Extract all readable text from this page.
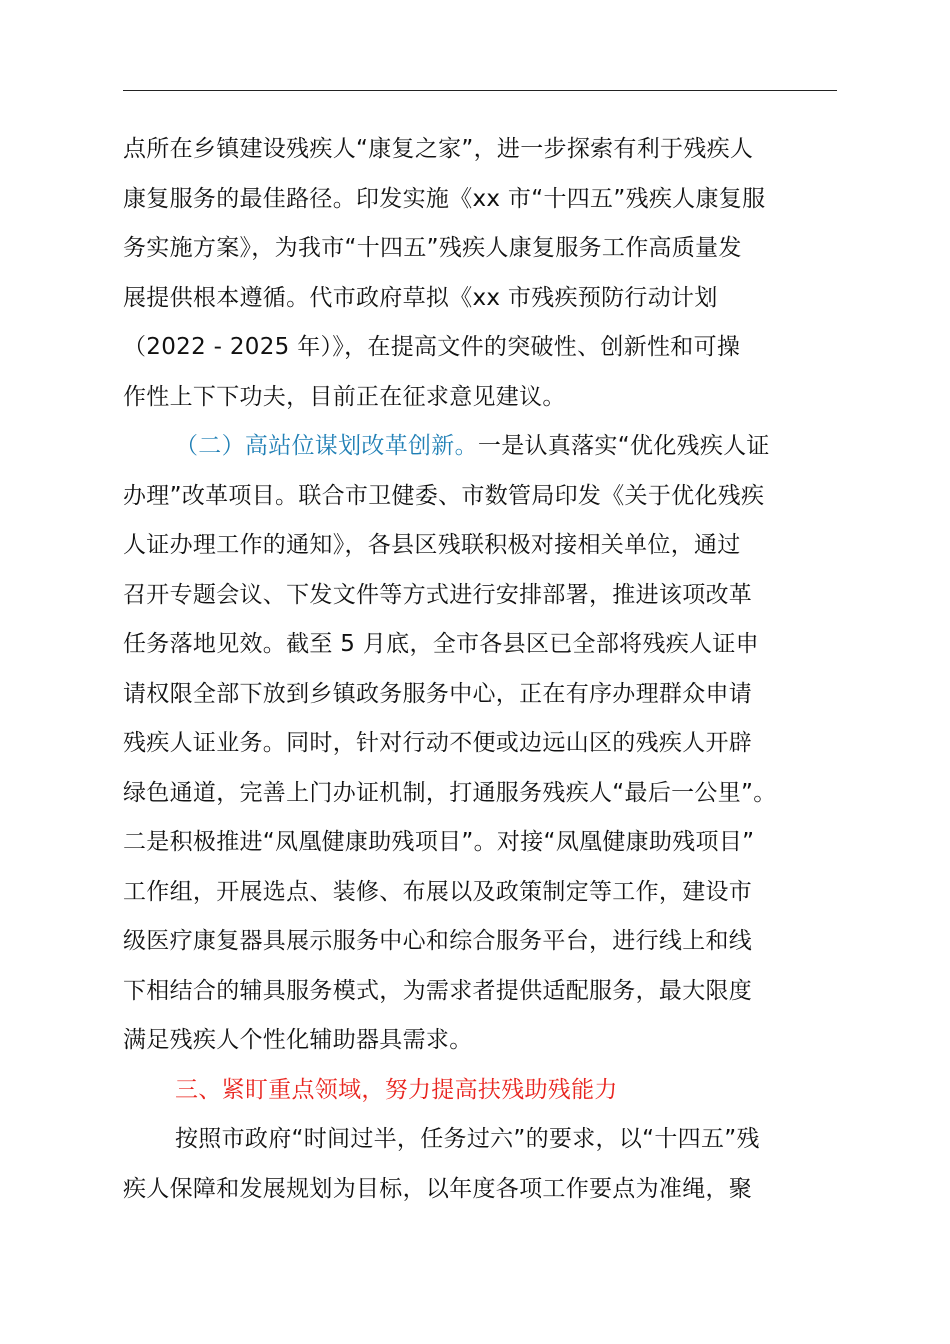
点所在乡镇建设残疾人“康复之家”，进一步探索有利于残疾人
康复服务的最佳路径。印发实施《xx 市“十四五”残疾人康复服
务实施方案》，为我市“十四五”残疾人康复服务工作高质量发
展提供根本遵循。代市政府草拟《xx 市残疾预防行动计划
（2022 - 2025 年）》，在提高文件的突破性、创新性和可操
作性上下下功夫，目前正在征求意见建议。
（二）高站位谋划改革创新。一是认真落实“优化残疾人证
办理”改革项目。联合市卫健委、市数管局印发《关于优化残疾
人证办理工作的通知》，各县区残联积极对接相关单位，通过
召开专题会议、下发文件等方式进行安排部署，推进该项改革
任务落地见效。截至 5 月底，全市各县区已全部将残疾人证申
请权限全部下放到乡镇政务服务中心，正在有序办理群众申请
残疾人证业务。同时，针对行动不便或边远山区的残疾人开辟
绿色通道，完善上门办证机制，打通服务残疾人“最后一公里”。
二是积极推进“凤凰健康助残项目”。对接“凤凰健康助残项目”
工作组，开展选点、装修、布展以及政策制定等工作，建设市
级医疗康复器具展示服务中心和综合服务平台，进行线上和线
下相结合的辅具服务模式，为需求者提供适配服务，最大限度
满足残疾人个性化辅助器具需求。
三、紧盯重点领域，努力提高扶残助残能力
按照市政府“时间过半，任务过六”的要求，以“十四五”残
疾人保障和发展规划为目标，以年度各项工作要点为准绳，聚
